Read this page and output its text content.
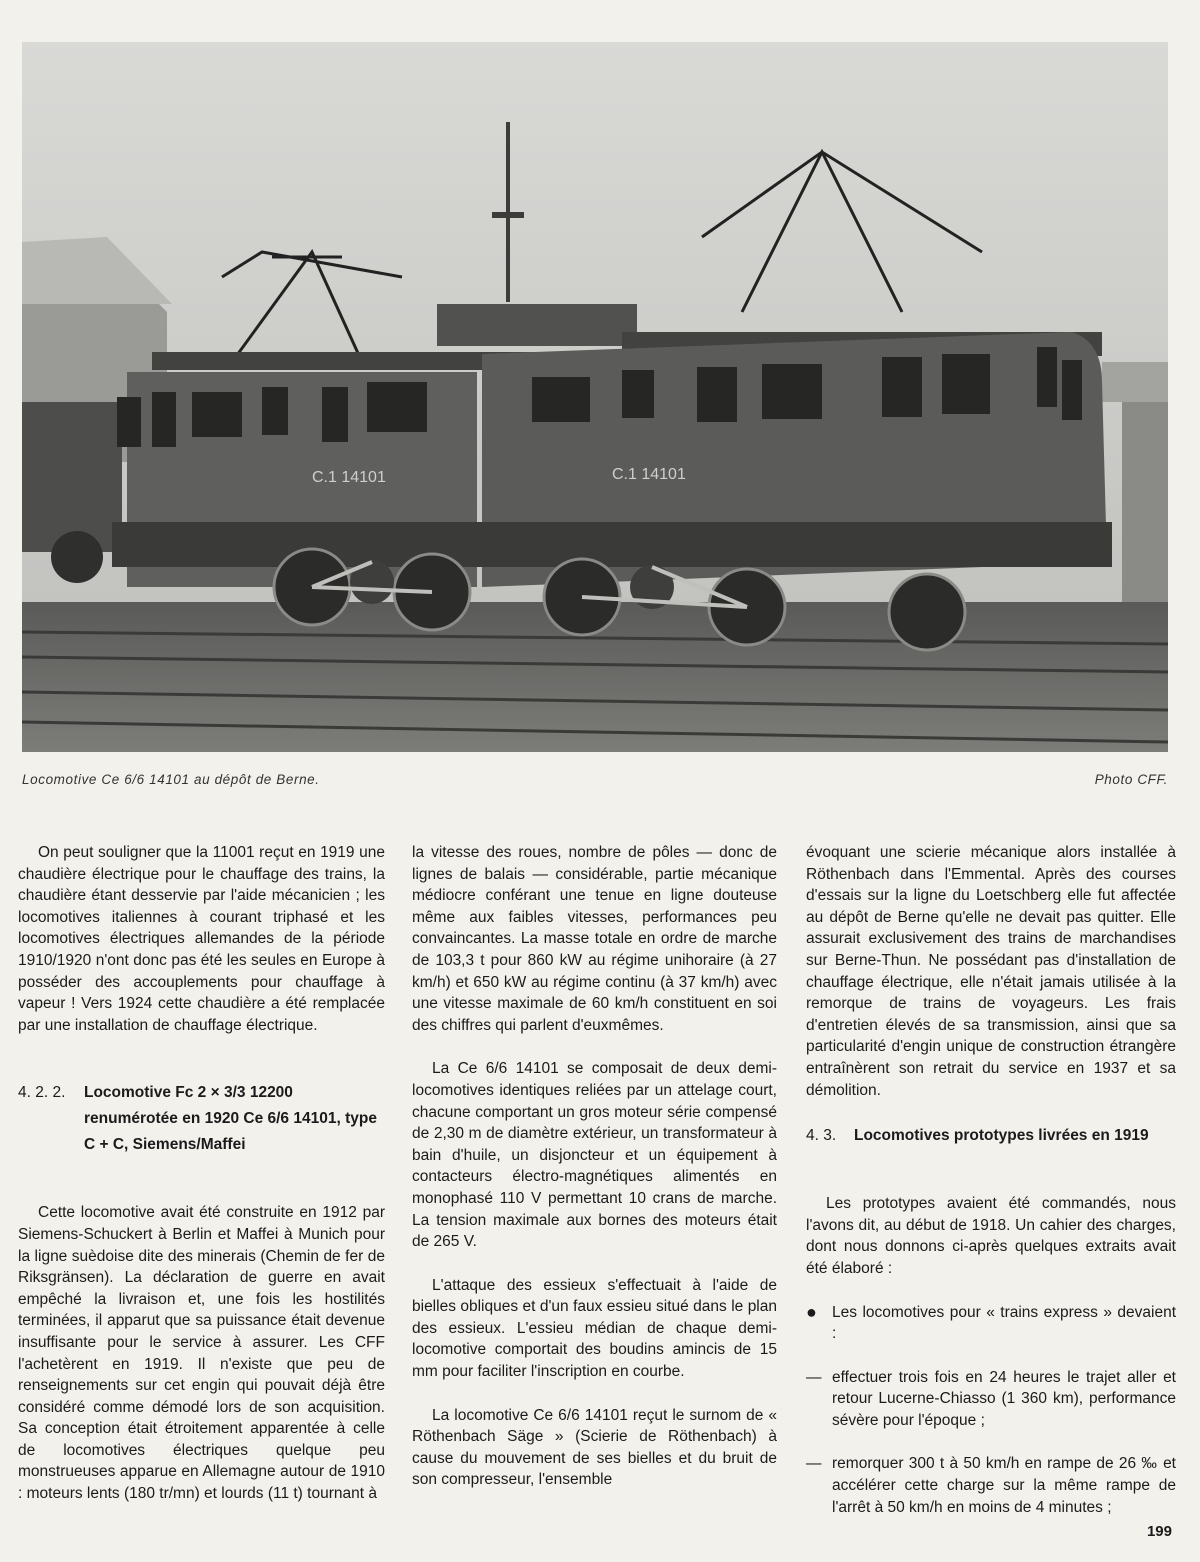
C.1 14101	C.1 14101
Locomotive Ce 6/6 14101 au dépôt de Berne.	Photo CFF.

On peut souligner que la 11001 reçut en 1919 une chaudière électrique pour le chauffage des trains, la chaudière étant desservie par l'aide mécanicien ; les locomotives italiennes à courant triphasé et les locomotives électriques allemandes de la période 1910/1920 n'ont donc pas été les seules en Europe à posséder des accouplements pour chauffage à vapeur ! Vers 1924 cette chaudière a été remplacée par une installation de chauffage électrique.

4. 2. 2.	Locomotive Fc 2 × 3/3 12200 renumérotée en 1920 Ce 6/6 14101, type C + C, Siemens/Maffei

Cette locomotive avait été construite en 1912 par Siemens-Schuckert à Berlin et Maffei à Munich pour la ligne suèdoise dite des minerais (Chemin de fer de Riksgränsen). La déclaration de guerre en avait empêché la livraison et, une fois les hostilités terminées, il apparut que sa puissance était devenue insuffisante pour le service à assurer. Les CFF l'achetèrent en 1919. Il n'existe que peu de renseignements sur cet engin qui pouvait déjà être considéré comme démodé lors de son acquisition. Sa conception était étroitement apparentée à celle de locomotives électriques quelque peu monstrueuses apparue en Allemagne autour de 1910 : moteurs lents (180 tr/mn) et lourds (11 t) tournant à

la vitesse des roues, nombre de pôles — donc de lignes de balais — considérable, partie mécanique médiocre conférant une tenue en ligne douteuse même aux faibles vitesses, performances peu convaincantes. La masse totale en ordre de marche de 103,3 t pour 860 kW au régime unihoraire (à 27 km/h) et 650 kW au régime continu (à 37 km/h) avec une vitesse maximale de 60 km/h constituent en soi des chiffres qui parlent d'euxmêmes.

La Ce 6/6 14101 se composait de deux demi-locomotives identiques reliées par un attelage court, chacune comportant un gros moteur série compensé de 2,30 m de diamètre extérieur, un transformateur à bain d'huile, un disjoncteur et un équipement à contacteurs électro-magnétiques alimentés en monophasé 110 V permettant 10 crans de marche. La tension maximale aux bornes des moteurs était de 265 V.

L'attaque des essieux s'effectuait à l'aide de bielles obliques et d'un faux essieu situé dans le plan des essieux. L'essieu médian de chaque demi-locomotive comportait des boudins amincis de 15 mm pour faciliter l'inscription en courbe.

La locomotive Ce 6/6 14101 reçut le surnom de « Röthenbach Säge » (Scierie de Röthenbach) à cause du mouvement de ses bielles et du bruit de son compresseur, l'ensemble

évoquant une scierie mécanique alors installée à Röthenbach dans l'Emmental. Après des courses d'essais sur la ligne du Loetschberg elle fut affectée au dépôt de Berne qu'elle ne devait pas quitter. Elle assurait exclusivement des trains de marchandises sur Berne-Thun. Ne possédant pas d'installation de chauffage électrique, elle n'était jamais utilisée à la remorque de trains de voyageurs. Les frais d'entretien élevés de sa transmission, ainsi que sa particularité d'engin unique de construction étrangère entraînèrent son retrait du service en 1937 et sa démolition.

4. 3.	Locomotives prototypes livrées en 1919

Les prototypes avaient été commandés, nous l'avons dit, au début de 1918. Un cahier des charges, dont nous donnons ci-après quelques extraits avait été élaboré :

● Les locomotives pour « trains express » devaient :
— effectuer trois fois en 24 heures le trajet aller et retour Lucerne-Chiasso (1 360 km), performance sévère pour l'époque ;
— remorquer 300 t à 50 km/h en rampe de 26 ‰ et accélérer cette charge sur la même rampe de l'arrêt à 50 km/h en moins de 4 minutes ;
199
